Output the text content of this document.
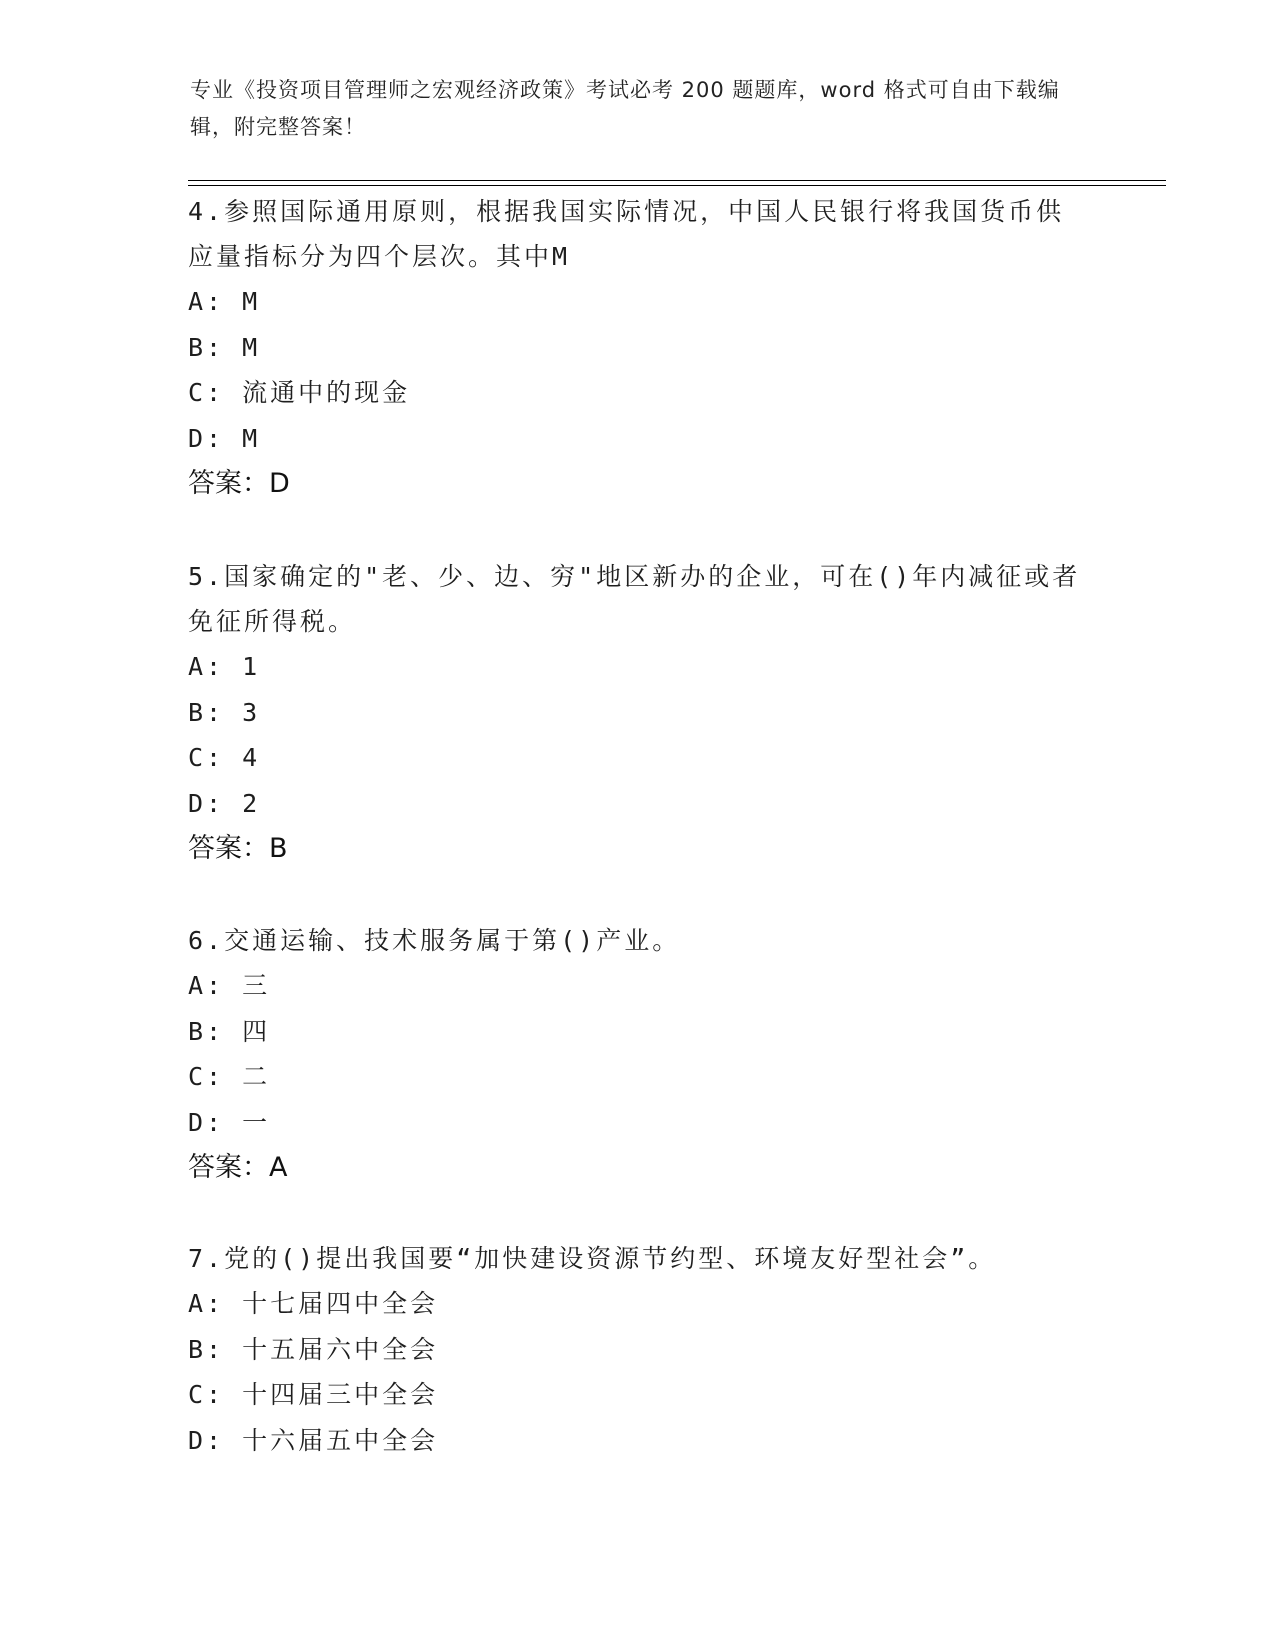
专业《投资项目管理师之宏观经济政策》考试必考 200 题题库，word 格式可自由下载编辑，附完整答案！

4.参照国际通用原则，根据我国实际情况，中国人民银行将我国货币供应量指标分为四个层次。其中M

A: M

B: M

C: 流通中的现金

D: M

答案：D

5.国家确定的"老、少、边、穷"地区新办的企业，可在()年内减征或者免征所得税。

A: 1

B: 3

C: 4

D: 2

答案：B

6.交通运输、技术服务属于第()产业。

A: 三

B: 四

C: 二

D: 一

答案：A

7.党的()提出我国要“加快建设资源节约型、环境友好型社会”。

A: 十七届四中全会

B: 十五届六中全会

C: 十四届三中全会

D: 十六届五中全会
